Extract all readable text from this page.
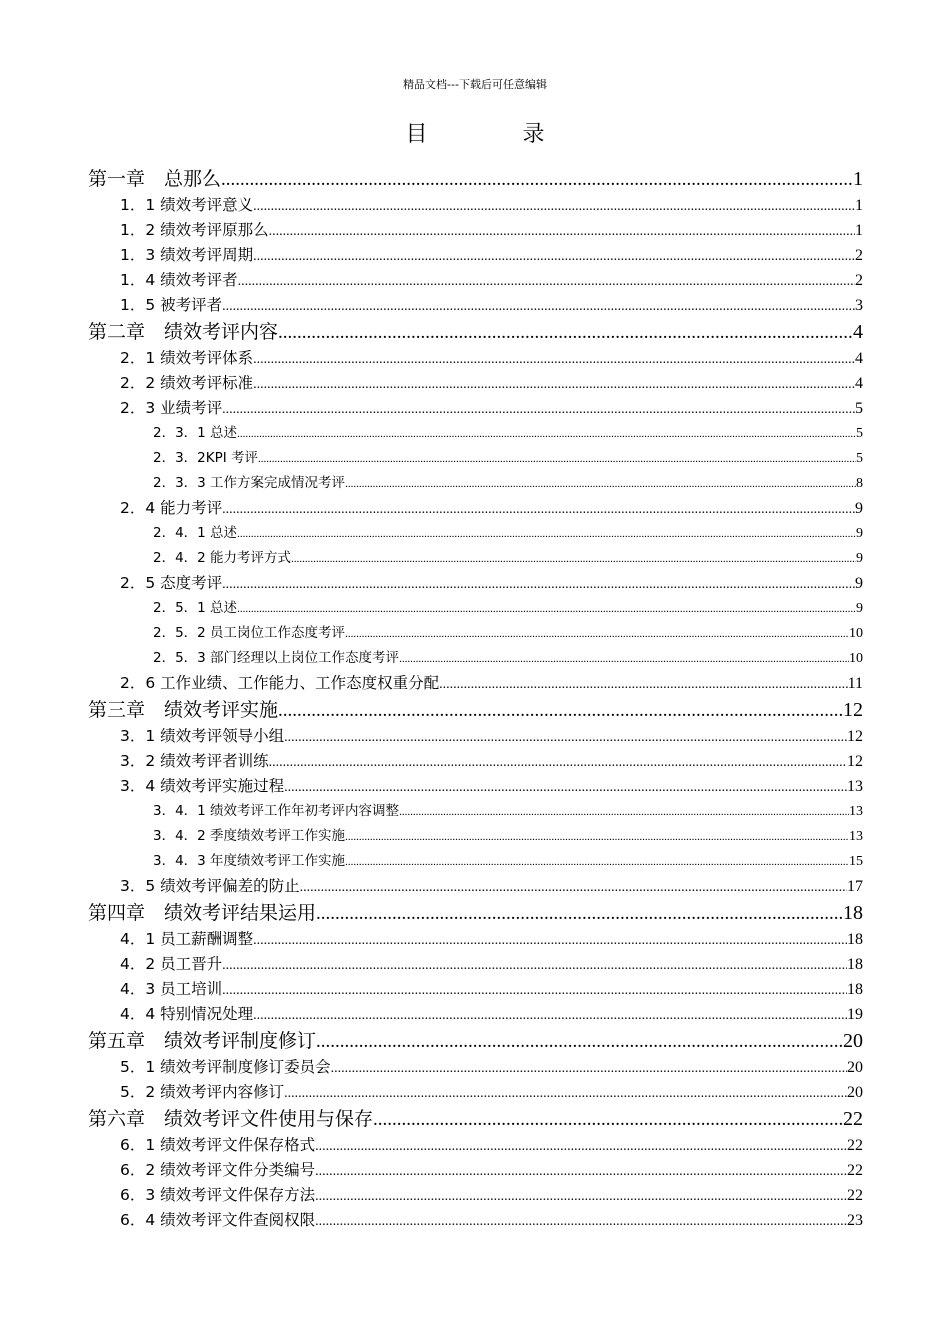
精品文档---下载后可任意编辑
目 录
第一章　总那么 .....	1
1．1 绩效考评意义 .....	1
1．2 绩效考评原那么 .....	1
1．3 绩效考评周期 .....	2
1．4 绩效考评者 .....	2
1．5 被考评者 .....	3
第二章　绩效考评内容 .....	4
2．1 绩效考评体系 .....	4
2．2 绩效考评标准 .....	4
2．3 业绩考评 .....	5
2．3．1 总述 .....	5
2．3．2KPI 考评 .....	5
2．3．3 工作方案完成情况考评 .....	8
2．4 能力考评 .....	9
2．4．1 总述 .....	9
2．4．2 能力考评方式 .....	9
2．5 态度考评 .....	9
2．5．1 总述 .....	9
2．5．2 员工岗位工作态度考评 .....	10
2．5．3 部门经理以上岗位工作态度考评 .....	10
2．6 工作业绩、工作能力、工作态度权重分配 .....	11
第三章　绩效考评实施 .....	12
3．1 绩效考评领导小组 .....	12
3．2 绩效考评者训练 .....	12
3．4 绩效考评实施过程 .....	13
3．4．1 绩效考评工作年初考评内容调整 .....	13
3．4．2 季度绩效考评工作实施 .....	13
3．4．3 年度绩效考评工作实施 .....	15
3．5 绩效考评偏差的防止 .....	17
第四章　绩效考评结果运用 .....	18
4．1 员工薪酬调整 .....	18
4．2 员工晋升 .....	18
4．3 员工培训 .....	18
4．4 特别情况处理 .....	19
第五章　绩效考评制度修订 .....	20
5．1 绩效考评制度修订委员会 .....	20
5．2 绩效考评内容修订 .....	20
第六章　绩效考评文件使用与保存 .....	22
6．1 绩效考评文件保存格式 .....	22
6．2 绩效考评文件分类编号 .....	22
6．3 绩效考评文件保存方法 .....	22
6．4 绩效考评文件查阅权限 .....	23
